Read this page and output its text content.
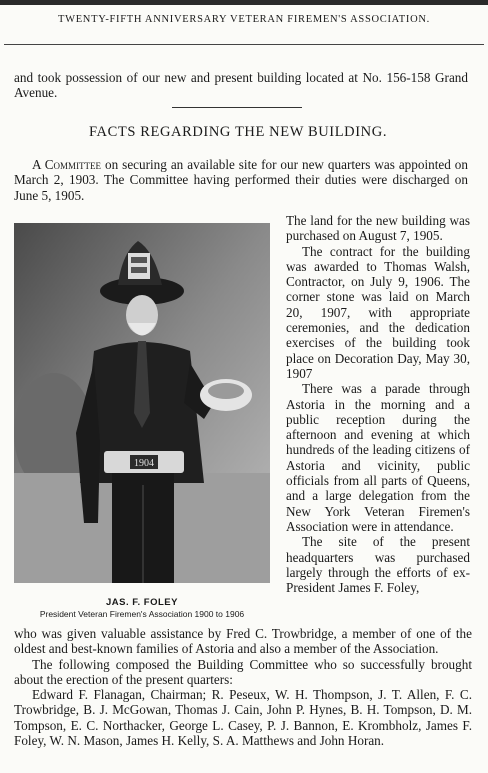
TWENTY-FIFTH ANNIVERSARY VETERAN FIREMEN'S ASSOCIATION.
and took possession of our new and present building located at No. 156-158 Grand Avenue.
FACTS REGARDING THE NEW BUILDING.
A Committee on securing an available site for our new quarters was appointed on March 2, 1903. The Committee having performed their duties were discharged on June 5, 1905.
1904
JAS. F. FOLEY
President Veteran Firemen's Association 1900 to 1906

The land for the new building was purchased on August 7, 1905.

The contract for the building was awarded to Thomas Walsh, Contractor, on July 9, 1906. The corner stone was laid on March 20, 1907, with appropriate ceremonies, and the dedication exercises of the building took place on Decoration Day, May 30, 1907

There was a parade through Astoria in the morning and a public reception during the afternoon and evening at which hundreds of the leading citizens of Astoria and vicinity, public officials from all parts of Queens, and a large delegation from the New York Veteran Firemen's Association were in attendance.

The site of the present headquarters was purchased largely through the efforts of ex-President James F. Foley,

who was given valuable assistance by Fred C. Trowbridge, a member of one of the oldest and best-known families of Astoria and also a member of the Association.

The following composed the Building Committee who so successfully brought about the erection of the present quarters:

Edward F. Flanagan, Chairman; R. Peseux, W. H. Thompson, J. T. Allen, F. C. Trowbridge, B. J. McGowan, Thomas J. Cain, John P. Hynes, B. H. Tompson, D. M. Tompson, E. C. Northacker, George L. Casey, P. J. Bannon, E. Krombholz, James F. Foley, W. N. Mason, James H. Kelly, S. A. Matthews and John Horan.
